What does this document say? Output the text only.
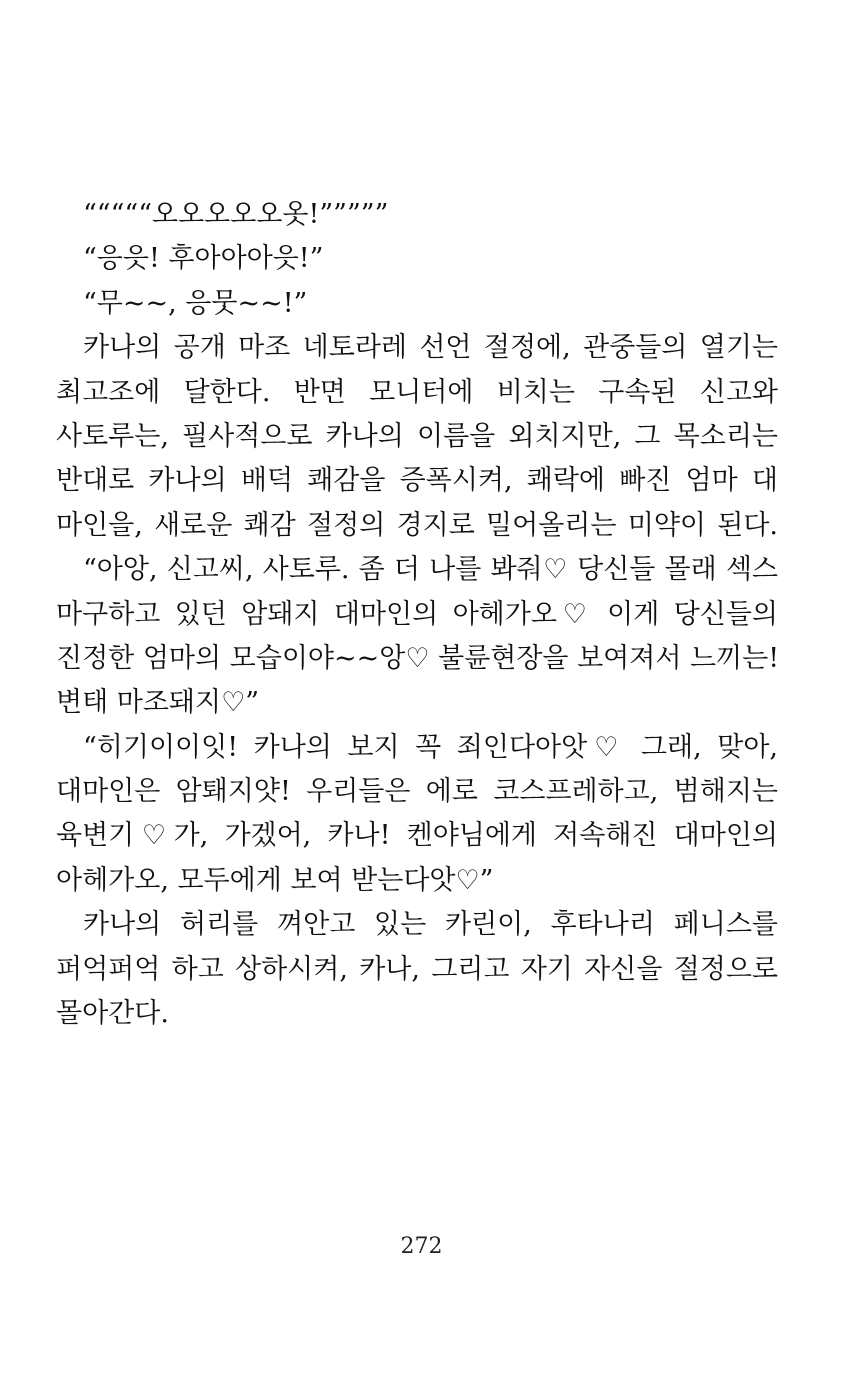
“““““오오오오오옷!”””””
“응읏! 후아아아읏!”
“무~~, 응뭇~~!”
카나의 공개 마조 네토라레 선언 절정에, 관중들의 열기는
최고조에 달한다. 반면 모니터에 비치는 구속된 신고와
사토루는, 필사적으로 카나의 이름을 외치지만, 그 목소리는
반대로 카나의 배덕 쾌감을 증폭시켜, 쾌락에 빠진 엄마 대
마인을, 새로운 쾌감 절정의 경지로 밀어올리는 미약이 된다.
“아앙, 신고씨, 사토루. 좀 더 나를 봐줘♡ 당신들 몰래 섹스
마구하고 있던 암돼지 대마인의 아헤가오♡ 이게 당신들의
진정한 엄마의 모습이야~~앙♡ 불륜현장을 보여져서 느끼는!
변태 마조돼지♡”
“히기이이잇! 카나의 보지 꼭 죄인다아앗♡ 그래, 맞아,
대마인은 암퇘지얏! 우리들은 에로 코스프레하고, 범해지는
육변기♡가, 가겠어, 카나! 켄야님에게 저속해진 대마인의
아헤가오, 모두에게 보여 받는다앗♡”
카나의 허리를 껴안고 있는 카린이, 후타나리 페니스를
퍼억퍼억 하고 상하시켜, 카나, 그리고 자기 자신을 절정으로
몰아간다.
272
